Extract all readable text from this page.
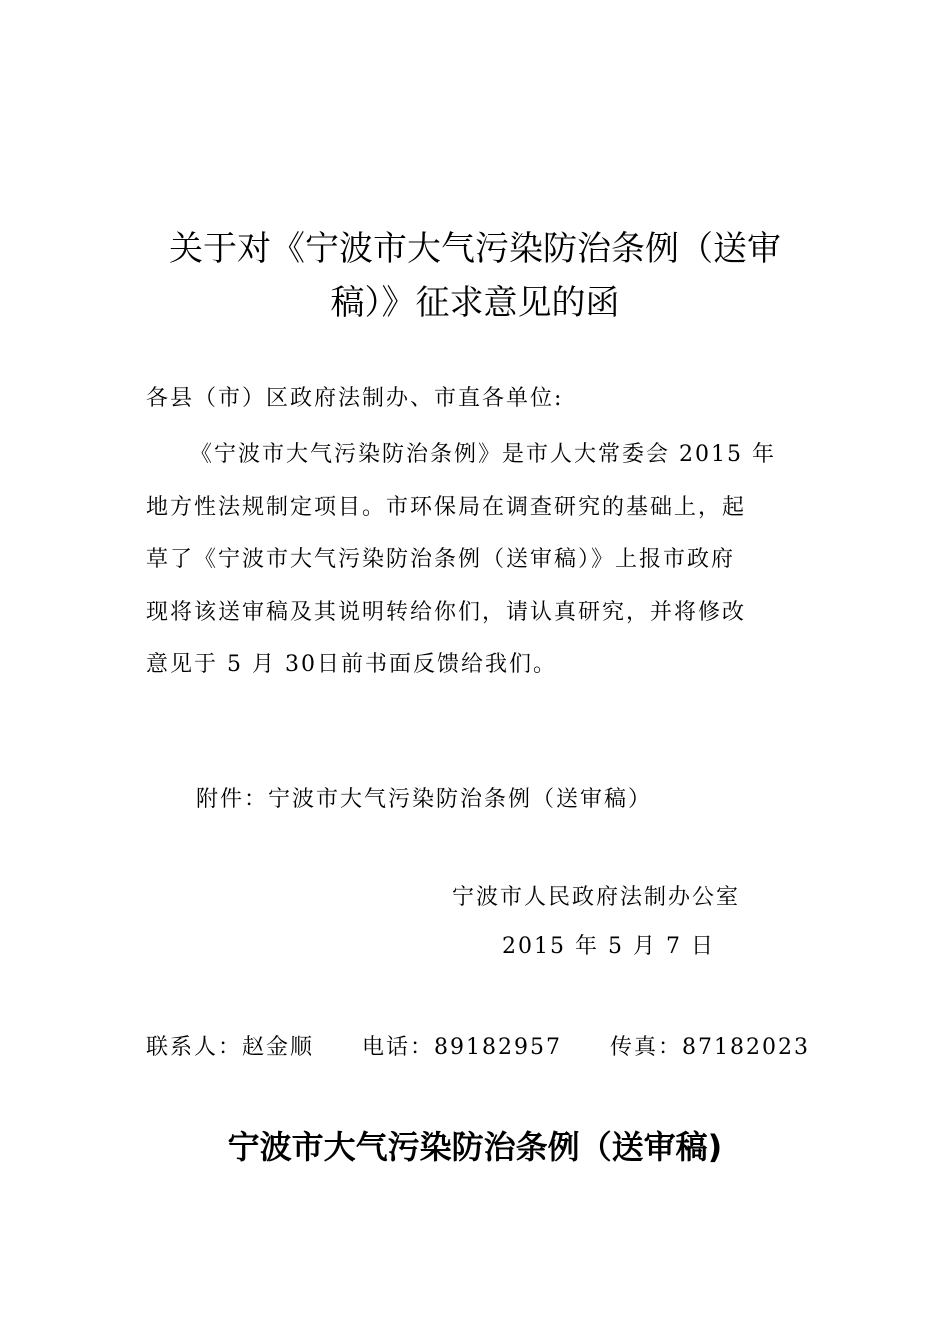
关于对《宁波市大气污染防治条例（送审
稿）》征求意见的函
各县（市）区政府法制办、市直各单位:
《宁波市大气污染防治条例》是市人大常委会 2015 年
地方性法规制定项目。市环保局在调查研究的基础上，起
草了《宁波市大气污染防治条例（送审稿）》上报市政府
现将该送审稿及其说明转给你们，请认真研究，并将修改
意见于 5 月 30日前书面反馈给我们。
附件：宁波市大气污染防治条例（送审稿）
宁波市人民政府法制办公室
2015 年 5 月 7 日
联系人：赵金顺 电话：89182957 传真：87182023
宁波市大气污染防治条例（送审稿)
